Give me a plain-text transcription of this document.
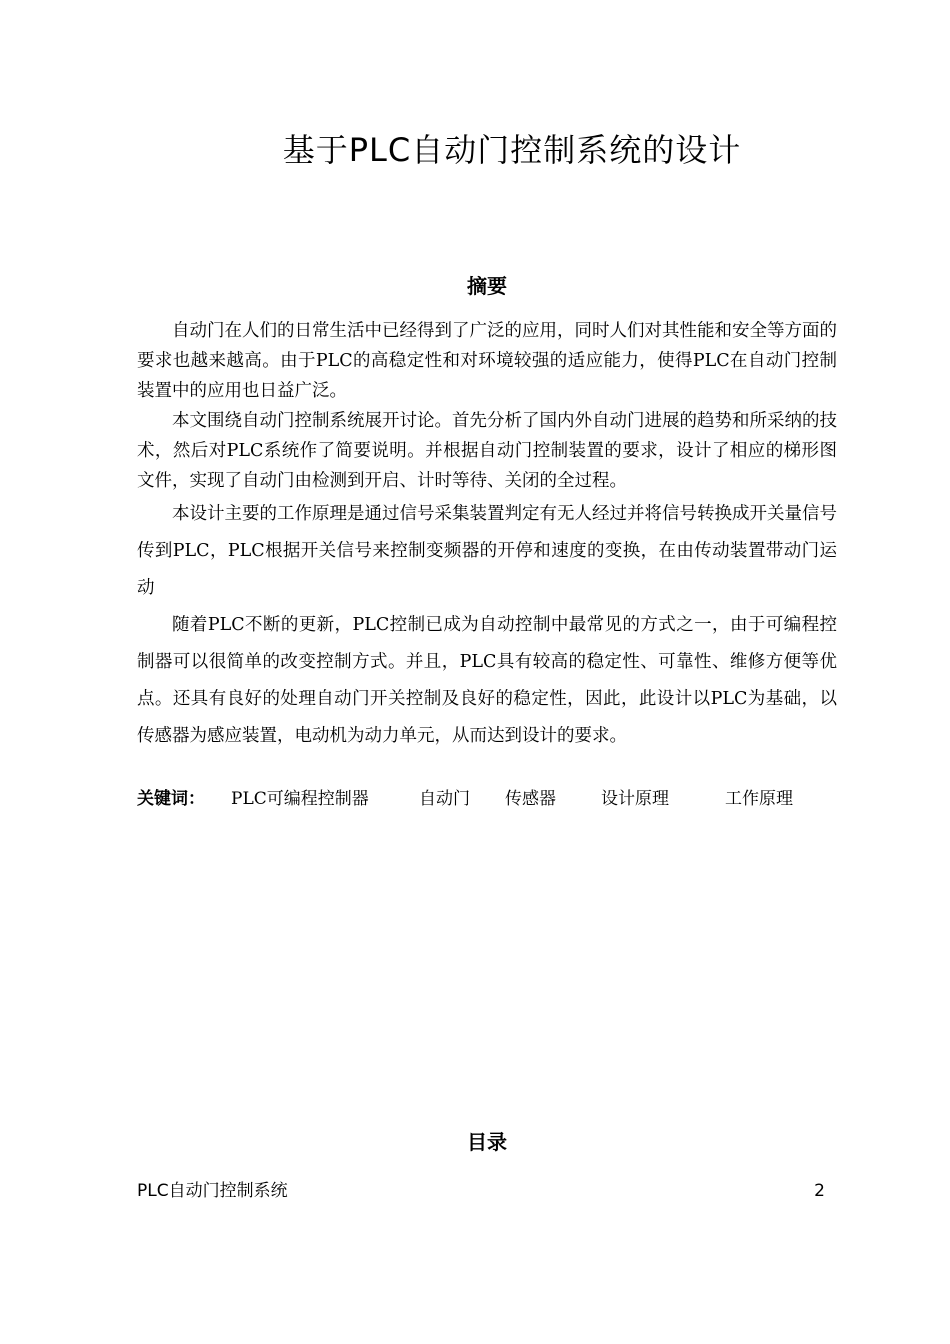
基于PLC自动门控制系统的设计
摘要

自动门在人们的日常生活中已经得到了广泛的应用，同时人们对其性能和安全等方面的要求也越来越高。由于PLC的高稳定性和对环境较强的适应能力，使得PLC在自动门控制装置中的应用也日益广泛。

本文围绕自动门控制系统展开讨论。首先分析了国内外自动门进展的趋势和所采纳的技术，然后对PLC系统作了简要说明。并根据自动门控制装置的要求，设计了相应的梯形图文件，实现了自动门由检测到开启、计时等待、关闭的全过程。

本设计主要的工作原理是通过信号采集装置判定有无人经过并将信号转换成开关量信号传到PLC，PLC根据开关信号来控制变频器的开停和速度的变换，在由传动装置带动门运动

随着PLC不断的更新，PLC控制已成为自动控制中最常见的方式之一，由于可编程控制器可以很简单的改变控制方式。并且，PLC具有较高的稳定性、可靠性、维修方便等优点。还具有良好的处理自动门开关控制及良好的稳定性，因此，此设计以PLC为基础，以传感器为感应装置，电动机为动力单元，从而达到设计的要求。

关键词： PLC可编程控制器	自动门 传感器	设计原理	工作原理
目录
PLC自动门控制系统	2
